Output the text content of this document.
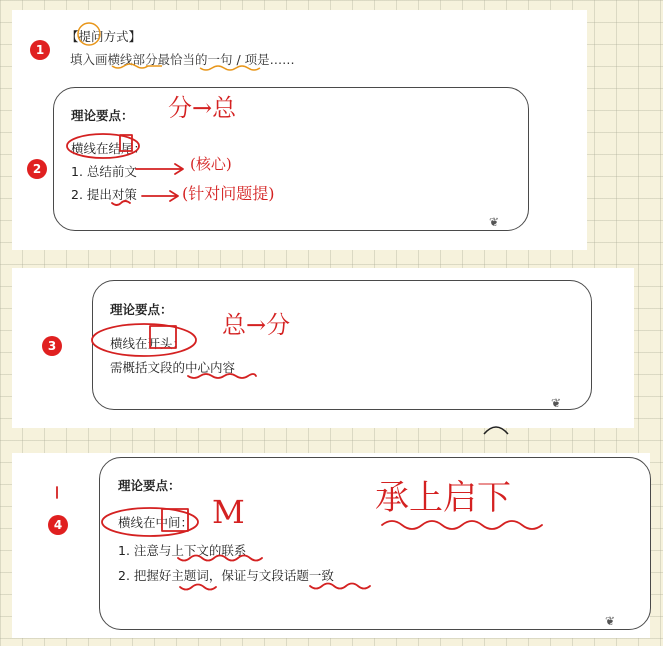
1
【提问方式】
填入画横线部分最恰当的一句 / 项是……
理论要点：
横线在结尾：
1. 总结前文
2. 提出对策
❦
分→总
(核心)
(针对问题提)
2
3
理论要点：
横线在开头：
需概括文段的中心内容
❦
总→分
4
理论要点：
横线在中间：
1. 注意与上下文的联系
2. 把握好主题词，保证与文段话题一致
❦
M	承上启下
